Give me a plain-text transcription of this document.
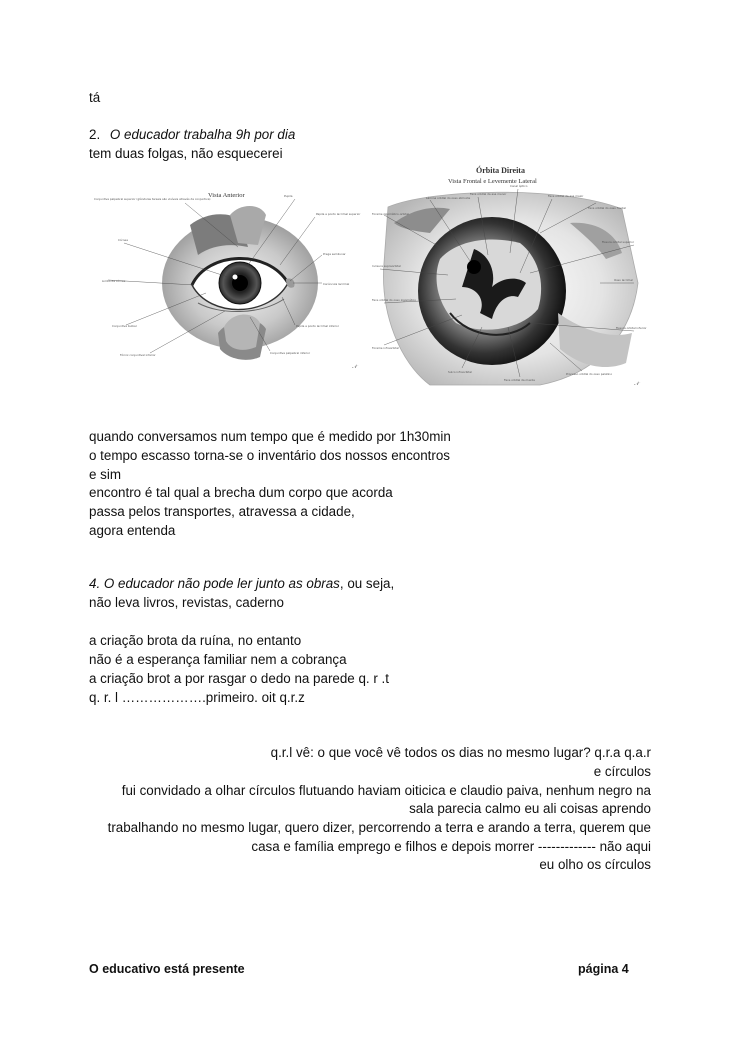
tá
2. O educador trabalha 9h por dia
tem duas folgas, não esquecerei
Vista Anterior
Conjuntiva palpebral superior (glândulas tarsais são visíveis através da conjuntiva)
Pupila
Papila e ponto lacrimal superior
Córnea
Prega semilunar
Limbo da córnea
Carúncula lacrimal
Conjuntiva bulbar	Papila e ponto lacrimal inferior
Fórnix conjuntival inferior	Conjuntiva palpebral inferior
𝒩
Órbita Direita
Vista Frontal e Levemente Lateral
Lâmina orbital do osso etmoide
Face orbital da asa menor
Canal óptico
Face orbital da asa maior
Face orbital do osso frontal
Forame zigomático-orbital
Incisura supraorbital
Fissura orbital superior
Face orbital do osso zigomático
Osso lacrimal
Fissura orbital inferior
Forame infraorbital
Sulco infraorbital
Face orbital da maxila
Processo orbital do osso palatino
𝒩
quando conversamos num tempo que é medido por 1h30min
o tempo escasso torna-se o inventário dos nossos encontros
e sim
encontro é tal qual a brecha dum corpo que acorda
passa pelos transportes, atravessa a cidade,
agora entenda
4. O educador não pode ler junto as obras, ou seja,
não leva livros, revistas, caderno
a criação brota da ruína, no entanto
não é a esperança familiar nem a cobrança
a criação brot a por rasgar o dedo na parede q. r .t
q. r. l ……………….primeiro. oit q.r.z
q.r.l vê: o que você vê todos os dias no mesmo lugar? q.r.a q.a.r
e círculos
fui convidado a olhar círculos flutuando haviam oiticica e claudio paiva, nenhum negro na
sala parecia calmo eu ali coisas aprendo
trabalhando no mesmo lugar, quero dizer, percorrendo a terra e arando a terra, querem que
casa e família emprego e filhos e depois morrer ------------- não aqui
eu olho os círculos
O educativo está presente	página 4
